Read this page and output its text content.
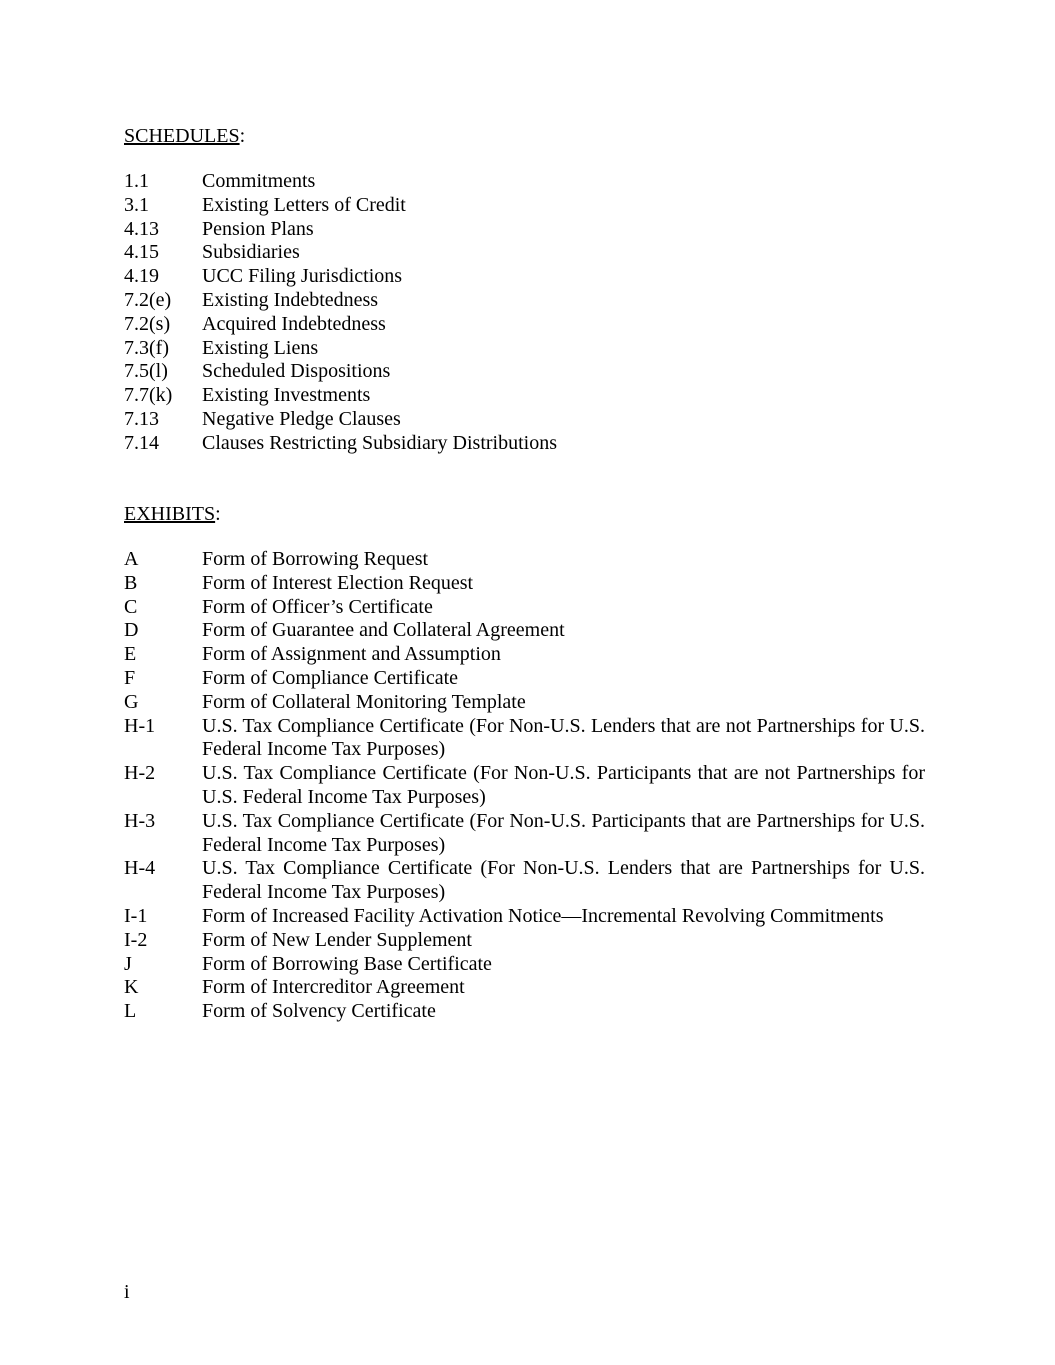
SCHEDULES:
1.1	Commitments
3.1	Existing Letters of Credit
4.13	Pension Plans
4.15	Subsidiaries
4.19	UCC Filing Jurisdictions
7.2(e)	Existing Indebtedness
7.2(s)	Acquired Indebtedness
7.3(f)	Existing Liens
7.5(l)	Scheduled Dispositions
7.7(k)	Existing Investments
7.13	Negative Pledge Clauses
7.14	Clauses Restricting Subsidiary Distributions
EXHIBITS:
A	Form of Borrowing Request
B	Form of Interest Election Request
C	Form of Officer’s Certificate
D	Form of Guarantee and Collateral Agreement
E	Form of Assignment and Assumption
F	Form of Compliance Certificate
G	Form of Collateral Monitoring Template
H-1	U.S. Tax Compliance Certificate (For Non-U.S. Lenders that are not Partnerships for U.S. Federal Income Tax Purposes)
H-2	U.S. Tax Compliance Certificate (For Non-U.S. Participants that are not Partnerships for U.S. Federal Income Tax Purposes)
H-3	U.S. Tax Compliance Certificate (For Non-U.S. Participants that are Partnerships for U.S. Federal Income Tax Purposes)
H-4	U.S. Tax Compliance Certificate (For Non-U.S. Lenders that are Partnerships for U.S. Federal Income Tax Purposes)
I-1	Form of Increased Facility Activation Notice—Incremental Revolving Commitments
I-2	Form of New Lender Supplement
J	Form of Borrowing Base Certificate
K	Form of Intercreditor Agreement
L	Form of Solvency Certificate
i
